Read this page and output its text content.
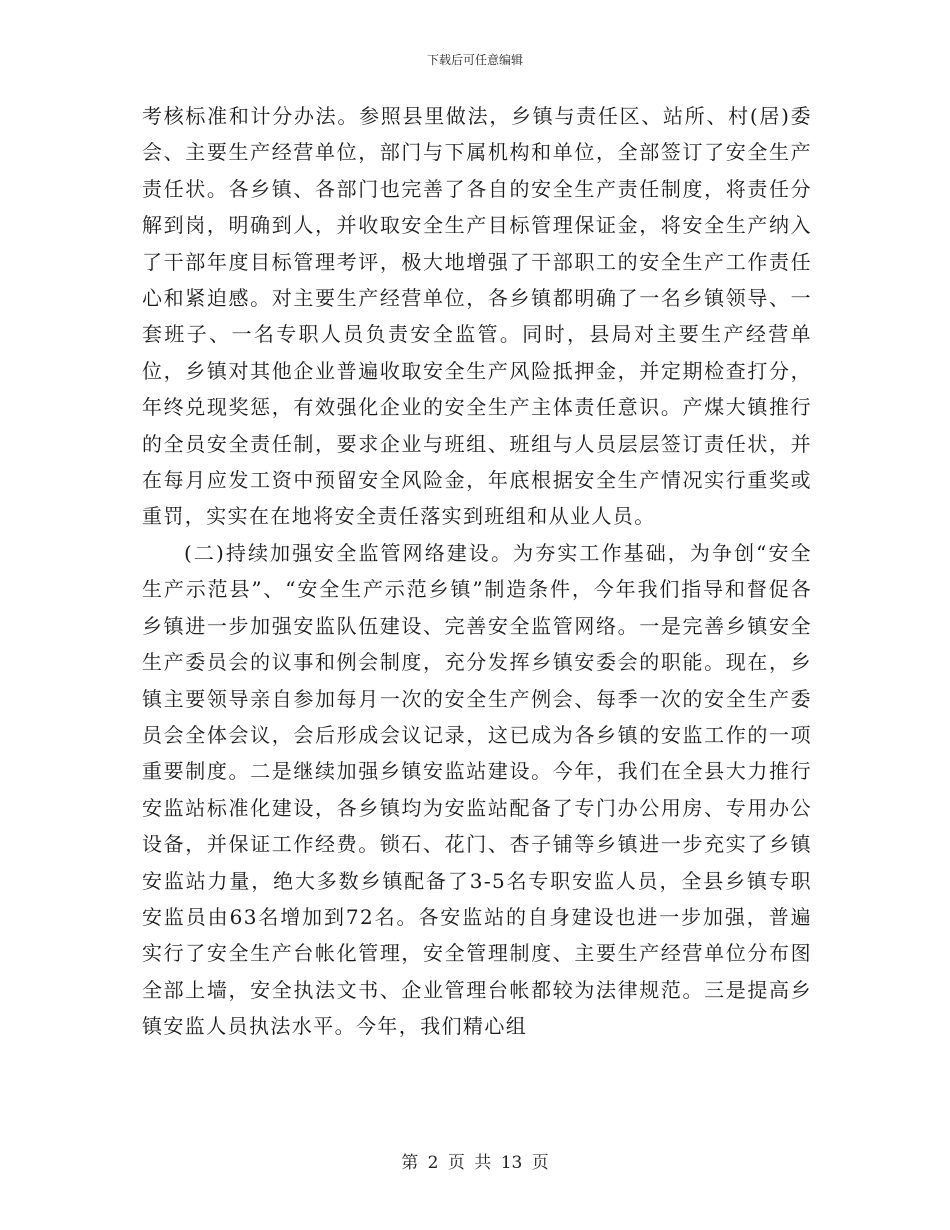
下载后可任意编辑

考核标准和计分办法。参照县里做法，乡镇与责任区、站所、村(居)委会、主要生产经营单位，部门与下属机构和单位，全部签订了安全生产责任状。各乡镇、各部门也完善了各自的安全生产责任制度，将责任分解到岗，明确到人，并收取安全生产目标管理保证金，将安全生产纳入了干部年度目标管理考评，极大地增强了干部职工的安全生产工作责任心和紧迫感。对主要生产经营单位，各乡镇都明确了一名乡镇领导、一套班子、一名专职人员负责安全监管。同时，县局对主要生产经营单位，乡镇对其他企业普遍收取安全生产风险抵押金，并定期检查打分，年终兑现奖惩，有效强化企业的安全生产主体责任意识。产煤大镇推行的全员安全责任制，要求企业与班组、班组与人员层层签订责任状，并在每月应发工资中预留安全风险金，年底根据安全生产情况实行重奖或重罚，实实在在地将安全责任落实到班组和从业人员。

(二)持续加强安全监管网络建设。为夯实工作基础，为争创“安全生产示范县”、“安全生产示范乡镇”制造条件，今年我们指导和督促各乡镇进一步加强安监队伍建设、完善安全监管网络。一是完善乡镇安全生产委员会的议事和例会制度，充分发挥乡镇安委会的职能。现在，乡镇主要领导亲自参加每月一次的安全生产例会、每季一次的安全生产委员会全体会议，会后形成会议记录，这已成为各乡镇的安监工作的一项重要制度。二是继续加强乡镇安监站建设。今年，我们在全县大力推行安监站标准化建设，各乡镇均为安监站配备了专门办公用房、专用办公设备，并保证工作经费。锁石、花门、杏子铺等乡镇进一步充实了乡镇安监站力量，绝大多数乡镇配备了3-5名专职安监人员，全县乡镇专职安监员由63名增加到72名。各安监站的自身建设也进一步加强，普遍实行了安全生产台帐化管理，安全管理制度、主要生产经营单位分布图全部上墙，安全执法文书、企业管理台帐都较为法律规范。三是提高乡镇安监人员执法水平。今年，我们精心组

第 2 页 共 13 页
